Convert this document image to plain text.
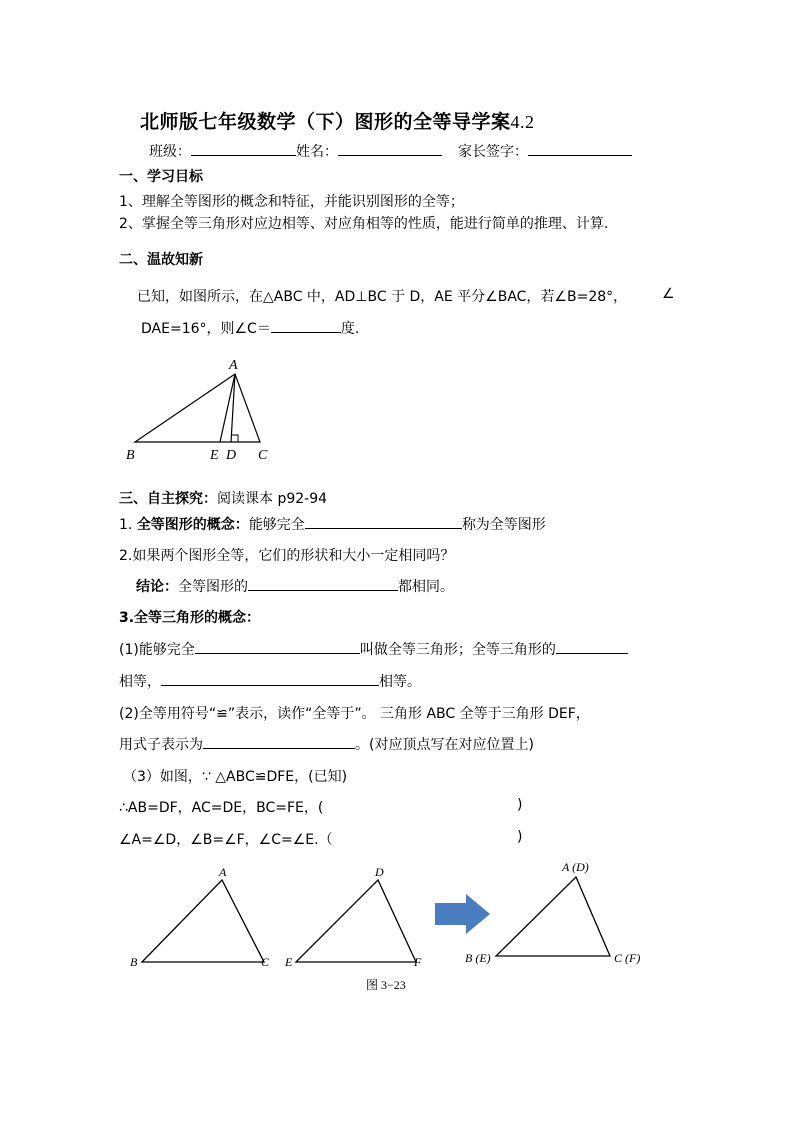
北师版七年级数学（下）图形的全等导学案4.2
班级：	姓名：	家长签字：
一、学习目标
1、理解全等图形的概念和特征，并能识别图形的全等；
2、掌握全等三角形对应边相等、对应角相等的性质，能进行简单的推理、计算.
二、温故知新
已知，如图所示，在△ABC 中，AD⊥BC 于 D，AE 平分∠BAC，若∠B=28°， ∠
DAE=16°，则∠C＝	度.
A
B	E D C
三、自主探究：阅读课本 p92-94
1. 全等图形的概念：能够完全	称为全等图形
2.如果两个图形全等，它们的形状和大小一定相同吗？
结论：全等图形的	都相同。
3.全等三角形的概念：
(1)能够完全	叫做全等三角形；全等三角形的
相等，	相等。
(2)全等用符号“≌”表示，读作“全等于”。 三角形 ABC 全等于三角形 DEF，
用式子表示为	。(对应顶点写在对应位置上)
（3）如图，∵ △ABC≌DFE，(已知)
∴AB=DF，AC=DE，BC=FE，(	)
∠A=∠D，∠B=∠F，∠C=∠E.（	)
A
B	C
D
E	F
A (D)
B (E)	C (F)
图 3−23
